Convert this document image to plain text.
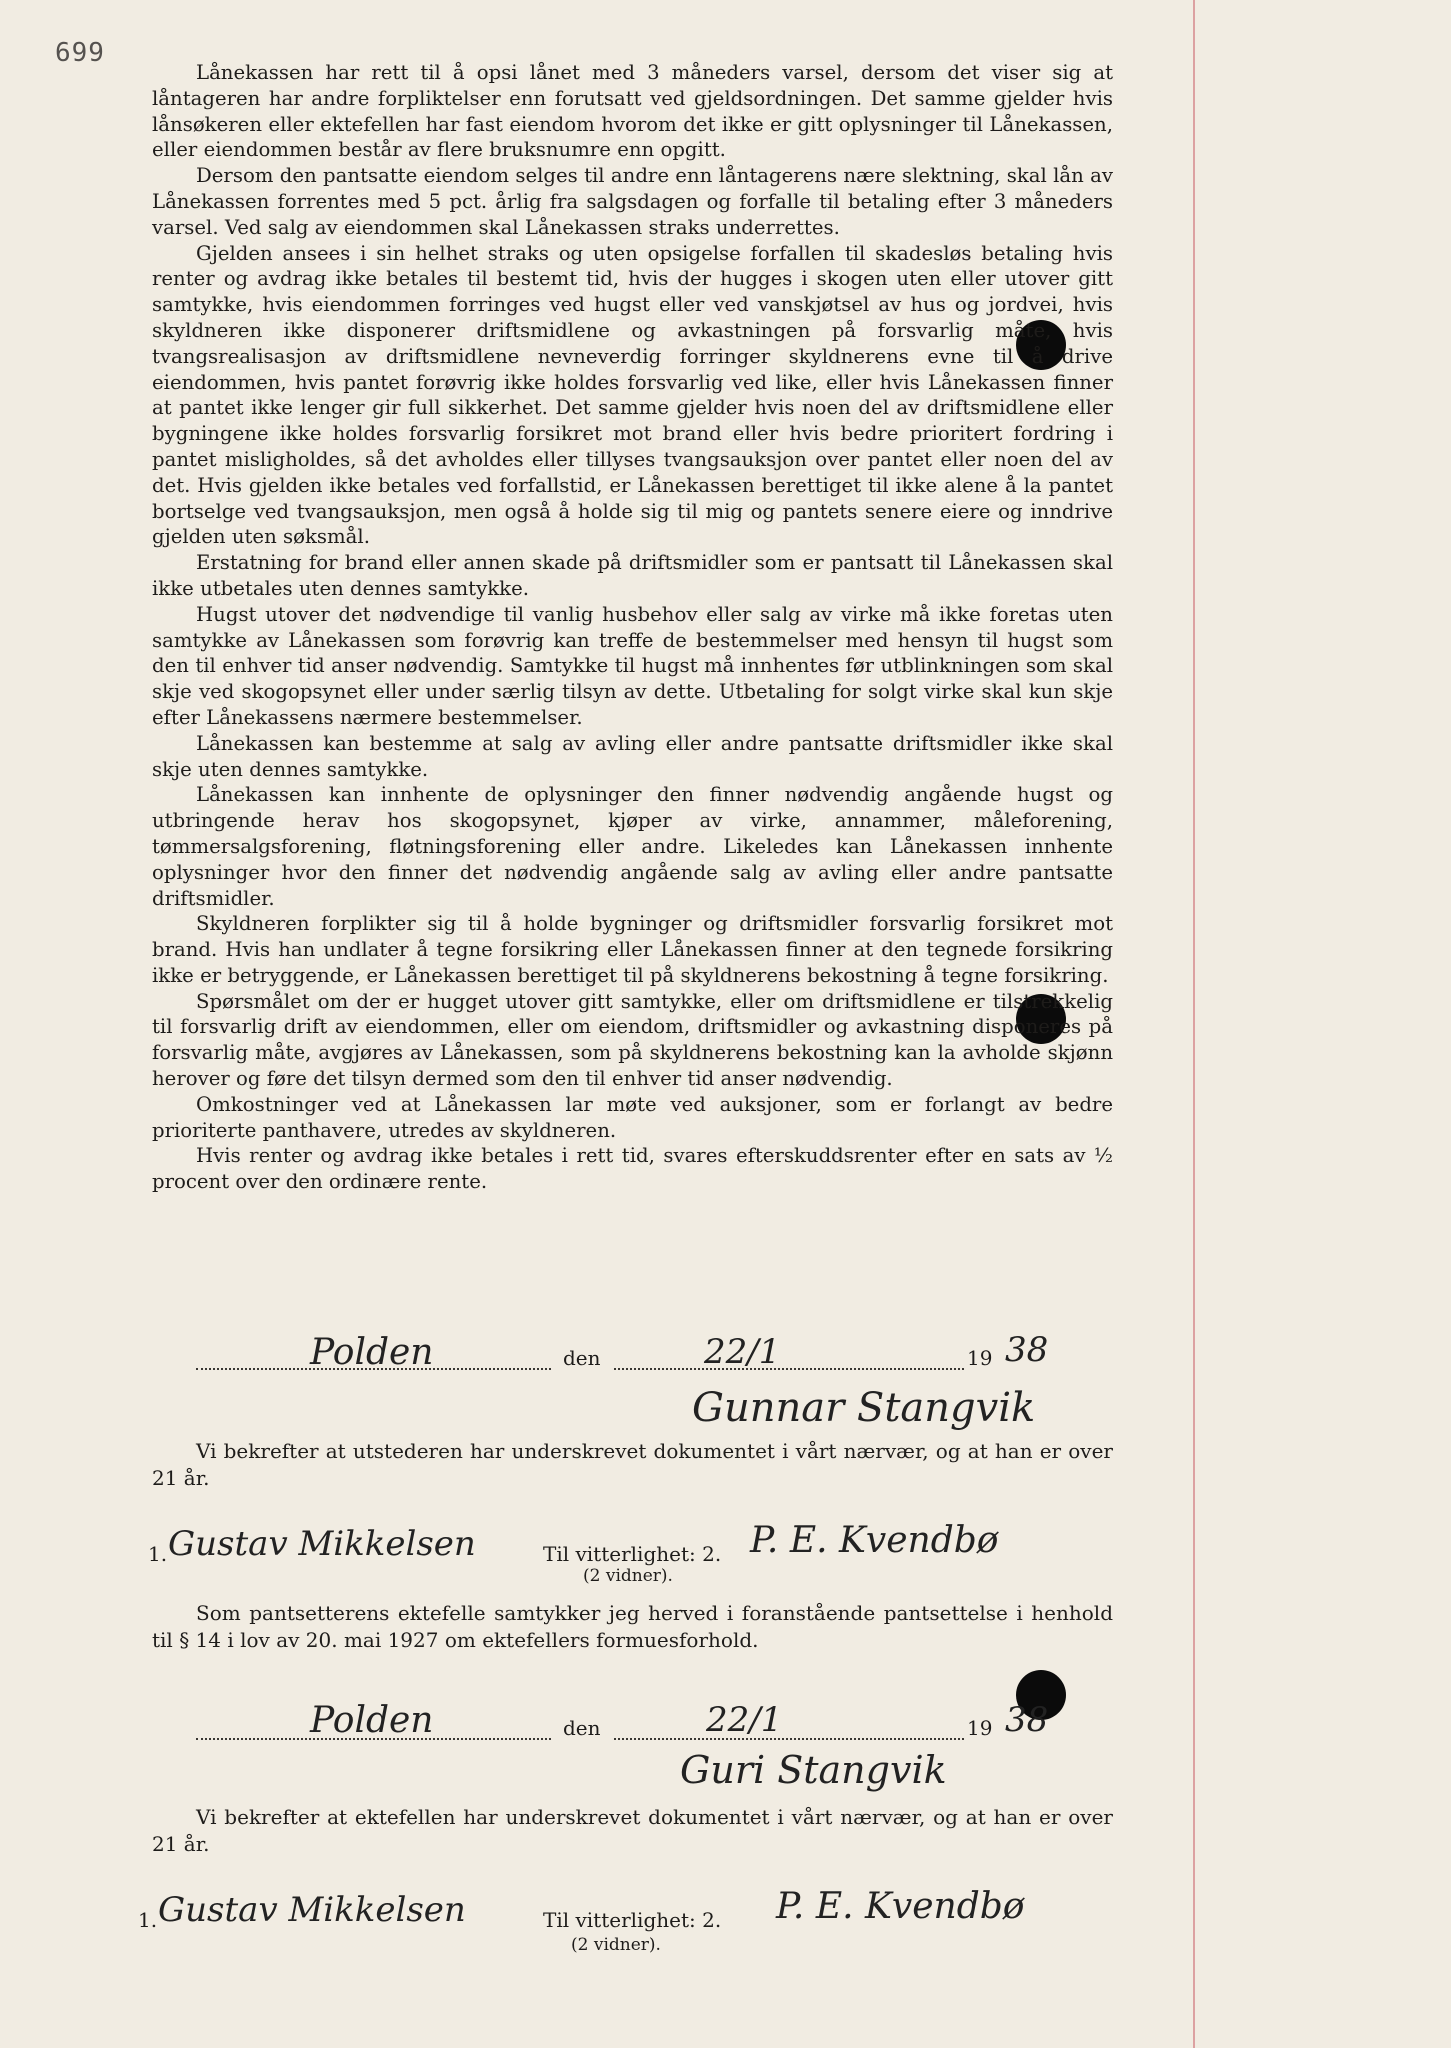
699

Lånekassen har rett til å opsi lånet med 3 måneders varsel, dersom det viser sig at låntageren har andre forpliktelser enn forutsatt ved gjeldsordningen. Det samme gjelder hvis lånsøkeren eller ektefellen har fast eiendom hvorom det ikke er gitt oplysninger til Lånekassen, eller eiendommen består av flere bruksnumre enn opgitt.

Dersom den pantsatte eiendom selges til andre enn låntagerens nære slektning, skal lån av Lånekassen forrentes med 5 pct. årlig fra salgsdagen og forfalle til betaling efter 3 måneders varsel. Ved salg av eiendommen skal Lånekassen straks underrettes.

Gjelden ansees i sin helhet straks og uten opsigelse forfallen til skadesløs betaling hvis renter og avdrag ikke betales til bestemt tid, hvis der hugges i skogen uten eller utover gitt samtykke, hvis eiendommen forringes ved hugst eller ved vanskjøtsel av hus og jordvei, hvis skyldneren ikke disponerer driftsmidlene og avkastningen på forsvarlig måte, hvis tvangsrealisasjon av driftsmidlene nevneverdig forringer skyldnerens evne til å drive eiendommen, hvis pantet forøvrig ikke holdes forsvarlig ved like, eller hvis Lånekassen finner at pantet ikke lenger gir full sikkerhet. Det samme gjelder hvis noen del av driftsmidlene eller bygningene ikke holdes forsvarlig forsikret mot brand eller hvis bedre prioritert fordring i pantet misligholdes, så det avholdes eller tillyses tvangsauksjon over pantet eller noen del av det. Hvis gjelden ikke betales ved forfallstid, er Lånekassen berettiget til ikke alene å la pantet bortselge ved tvangsauksjon, men også å holde sig til mig og pantets senere eiere og inndrive gjelden uten søksmål.

Erstatning for brand eller annen skade på driftsmidler som er pantsatt til Lånekassen skal ikke utbetales uten dennes samtykke.

Hugst utover det nødvendige til vanlig husbehov eller salg av virke må ikke foretas uten samtykke av Lånekassen som forøvrig kan treffe de bestemmelser med hensyn til hugst som den til enhver tid anser nødvendig. Samtykke til hugst må innhentes før utblinkningen som skal skje ved skogopsynet eller under særlig tilsyn av dette. Utbetaling for solgt virke skal kun skje efter Lånekassens nærmere bestemmelser.

Lånekassen kan bestemme at salg av avling eller andre pantsatte driftsmidler ikke skal skje uten dennes samtykke.

Lånekassen kan innhente de oplysninger den finner nødvendig angående hugst og utbringende herav hos skogopsynet, kjøper av virke, annammer, måleforening, tømmersalgsforening, fløtningsforening eller andre. Likeledes kan Lånekassen innhente oplysninger hvor den finner det nødvendig angående salg av avling eller andre pantsatte driftsmidler.

Skyldneren forplikter sig til å holde bygninger og driftsmidler forsvarlig forsikret mot brand. Hvis han undlater å tegne forsikring eller Lånekassen finner at den tegnede forsikring ikke er betryggende, er Lånekassen berettiget til på skyldnerens bekostning å tegne forsikring.

Spørsmålet om der er hugget utover gitt samtykke, eller om driftsmidlene er tilstrekkelig til forsvarlig drift av eiendommen, eller om eiendom, driftsmidler og avkastning disponeres på forsvarlig måte, avgjøres av Lånekassen, som på skyldnerens bekostning kan la avholde skjønn herover og føre det tilsyn dermed som den til enhver tid anser nødvendig.

Omkostninger ved at Lånekassen lar møte ved auksjoner, som er forlangt av bedre prioriterte panthavere, utredes av skyldneren.

Hvis renter og avdrag ikke betales i rett tid, svares efterskuddsrenter efter en sats av ½ procent over den ordinære rente.

Polden	den	22/1	19 38
Gunnar Stangvik

Vi bekrefter at utstederen har underskrevet dokumentet i vårt nærvær, og at han er over 21 år.

1. Gustav Mikkelsen	Til vitterlighet: 2. P. E. Kvendbø
(2 vidner).

Som pantsetterens ektefelle samtykker jeg herved i foranstående pantsettelse i henhold til § 14 i lov av 20. mai 1927 om ektefellers formuesforhold.

Polden	den	22/1	19 38
Guri Stangvik

Vi bekrefter at ektefellen har underskrevet dokumentet i vårt nærvær, og at han er over 21 år.

1. Gustav Mikkelsen	Til vitterlighet: 2. P. E. Kvendbø
(2 vidner).
